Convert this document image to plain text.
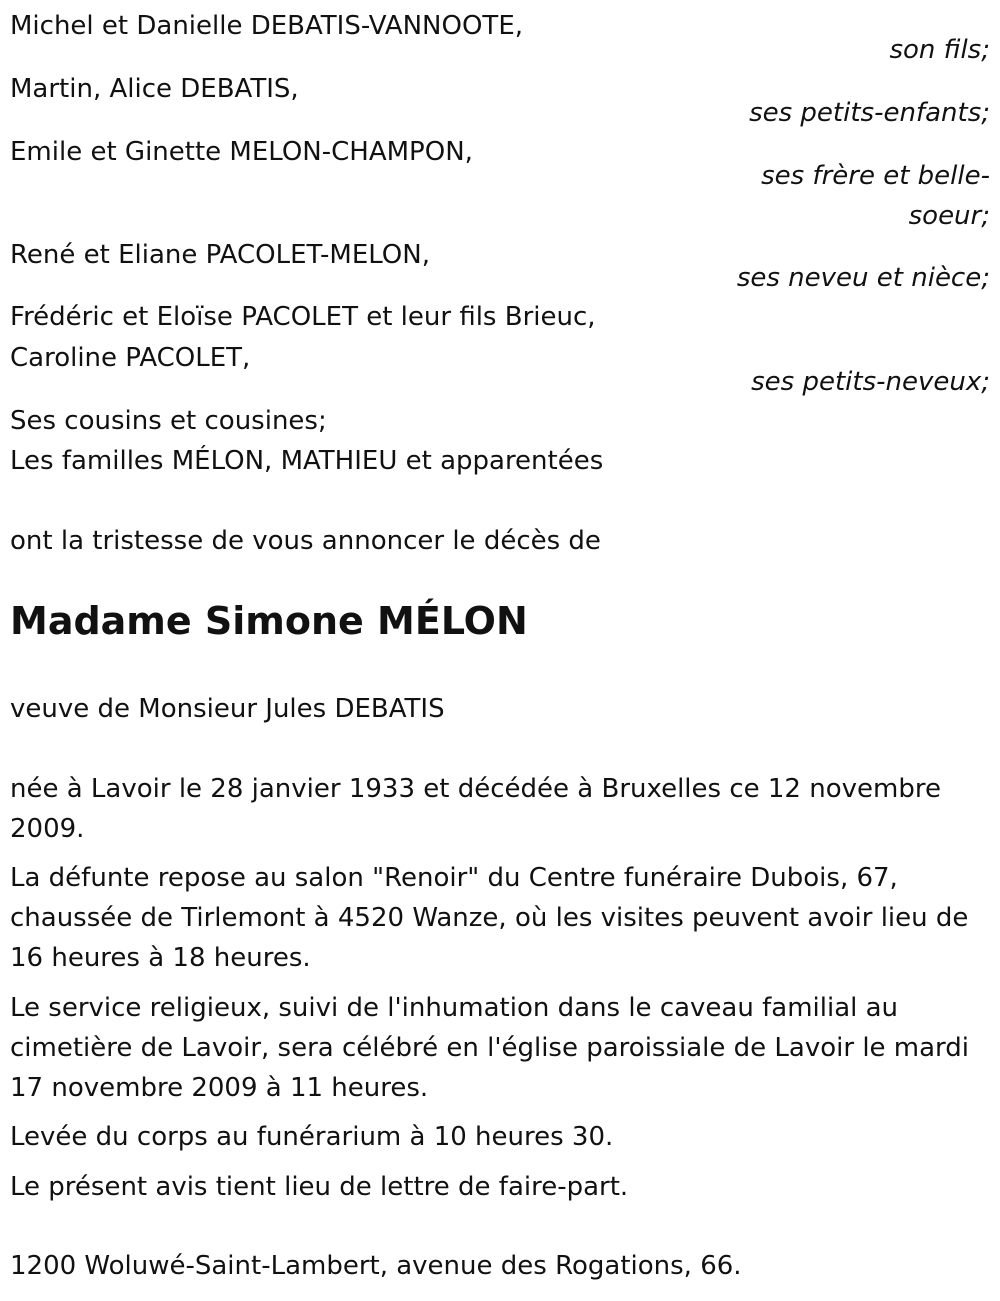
Michel et Danielle DEBATIS-VANNOOTE,
son fils;
Martin, Alice DEBATIS,
ses petits-enfants;
Emile et Ginette MELON-CHAMPON,
ses frère et belle-
soeur;
René et Eliane PACOLET-MELON,
ses neveu et nièce;
Frédéric et Eloïse PACOLET et leur fils Brieuc,
Caroline PACOLET,
ses petits-neveux;
Ses cousins et cousines;
Les familles MÉLON, MATHIEU et apparentées
ont la tristesse de vous annoncer le décès de
Madame Simone MÉLON
veuve de Monsieur Jules DEBATIS
née à Lavoir le 28 janvier 1933 et décédée à Bruxelles ce 12 novembre 2009.
La défunte repose au salon "Renoir" du Centre funéraire Dubois, 67, chaussée de Tirlemont à 4520 Wanze, où les visites peuvent avoir lieu de 16 heures à 18 heures.
Le service religieux, suivi de l'inhumation dans le caveau familial au cimetière de Lavoir, sera célébré en l'église paroissiale de Lavoir le mardi 17 novembre 2009 à 11 heures.
Levée du corps au funérarium à 10 heures 30.
Le présent avis tient lieu de lettre de faire-part.
1200 Woluwé-Saint-Lambert, avenue des Rogations, 66.
